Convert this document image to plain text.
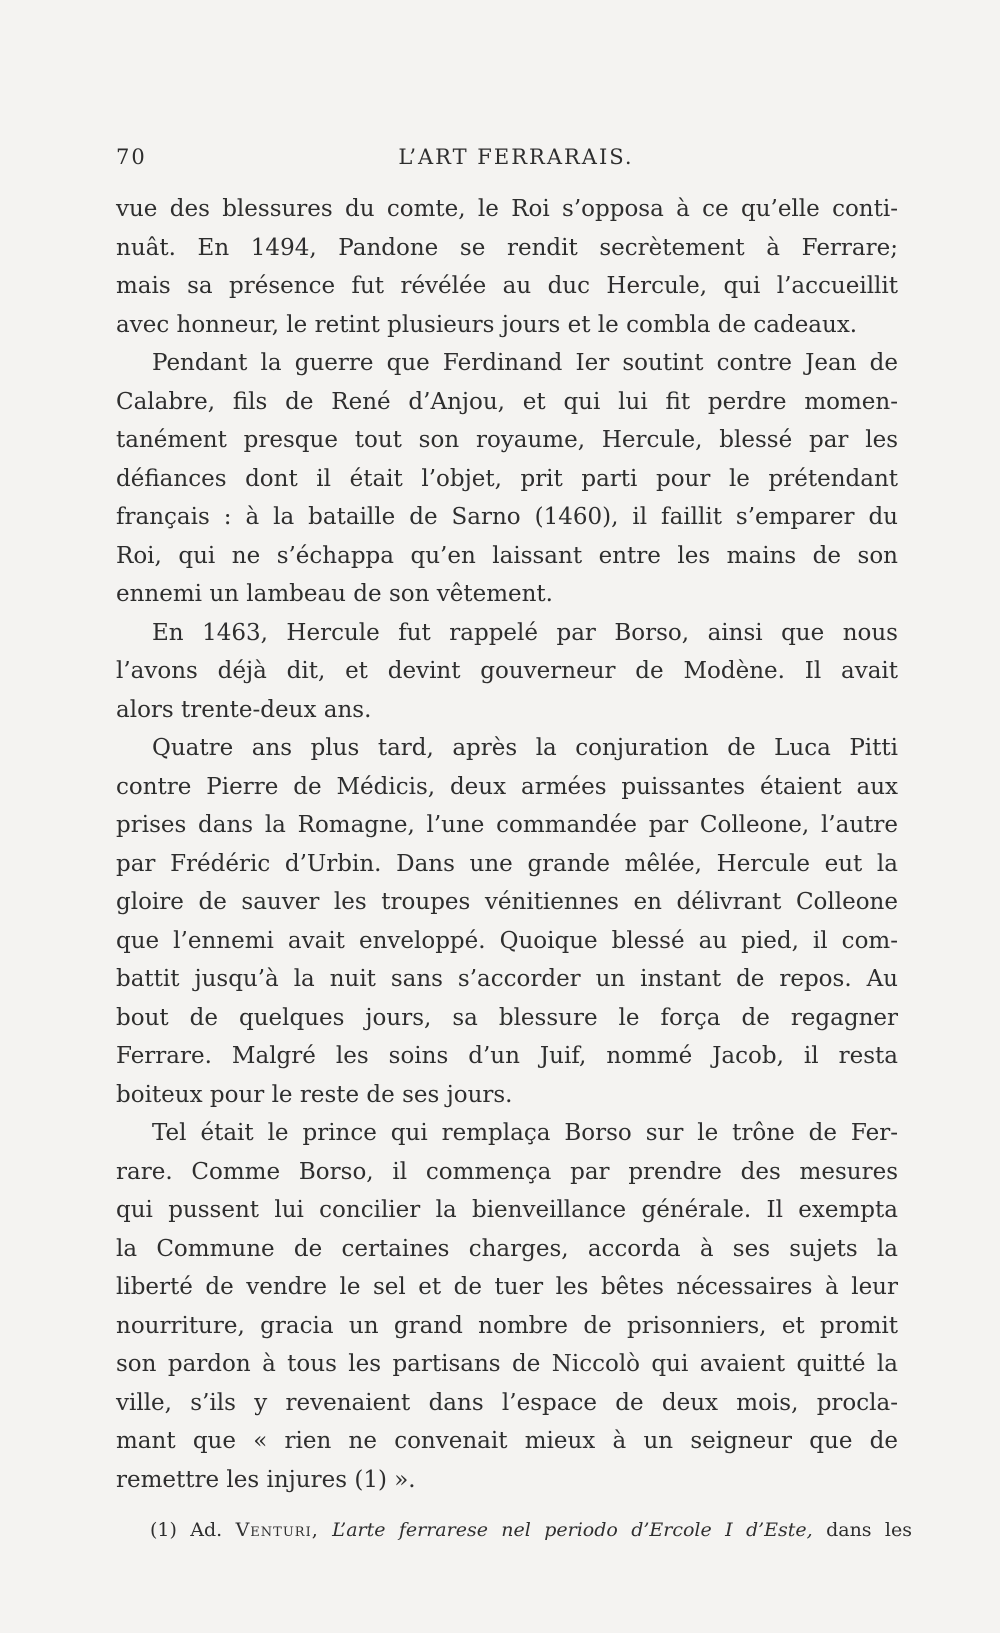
70	L’ART FERRARAIS.
vue des blessures du comte, le Roi s’opposa à ce qu’elle conti-
nuât. En 1494, Pandone se rendit secrètement à Ferrare;
mais sa présence fut révélée au duc Hercule, qui l’accueillit
avec honneur, le retint plusieurs jours et le combla de cadeaux.
Pendant la guerre que Ferdinand Ier soutint contre Jean de
Calabre, fils de René d’Anjou, et qui lui fit perdre momen-
tanément presque tout son royaume, Hercule, blessé par les
défiances dont il était l’objet, prit parti pour le prétendant
français : à la bataille de Sarno (1460), il faillit s’emparer du
Roi, qui ne s’échappa qu’en laissant entre les mains de son
ennemi un lambeau de son vêtement.
En 1463, Hercule fut rappelé par Borso, ainsi que nous
l’avons déjà dit, et devint gouverneur de Modène. Il avait
alors trente-deux ans.
Quatre ans plus tard, après la conjuration de Luca Pitti
contre Pierre de Médicis, deux armées puissantes étaient aux
prises dans la Romagne, l’une commandée par Colleone, l’autre
par Frédéric d’Urbin. Dans une grande mêlée, Hercule eut la
gloire de sauver les troupes vénitiennes en délivrant Colleone
que l’ennemi avait enveloppé. Quoique blessé au pied, il com-
battit jusqu’à la nuit sans s’accorder un instant de repos. Au
bout de quelques jours, sa blessure le força de regagner
Ferrare. Malgré les soins d’un Juif, nommé Jacob, il resta
boiteux pour le reste de ses jours.
Tel était le prince qui remplaça Borso sur le trône de Fer-
rare. Comme Borso, il commença par prendre des mesures
qui pussent lui concilier la bienveillance générale. Il exempta
la Commune de certaines charges, accorda à ses sujets la
liberté de vendre le sel et de tuer les bêtes nécessaires à leur
nourriture, gracia un grand nombre de prisonniers, et promit
son pardon à tous les partisans de Niccolò qui avaient quitté la
ville, s’ils y revenaient dans l’espace de deux mois, procla-
mant que « rien ne convenait mieux à un seigneur que de
remettre les injures (1) ».
(1) Ad. Venturi, L’arte ferrarese nel periodo d’Ercole I d’Este, dans les
